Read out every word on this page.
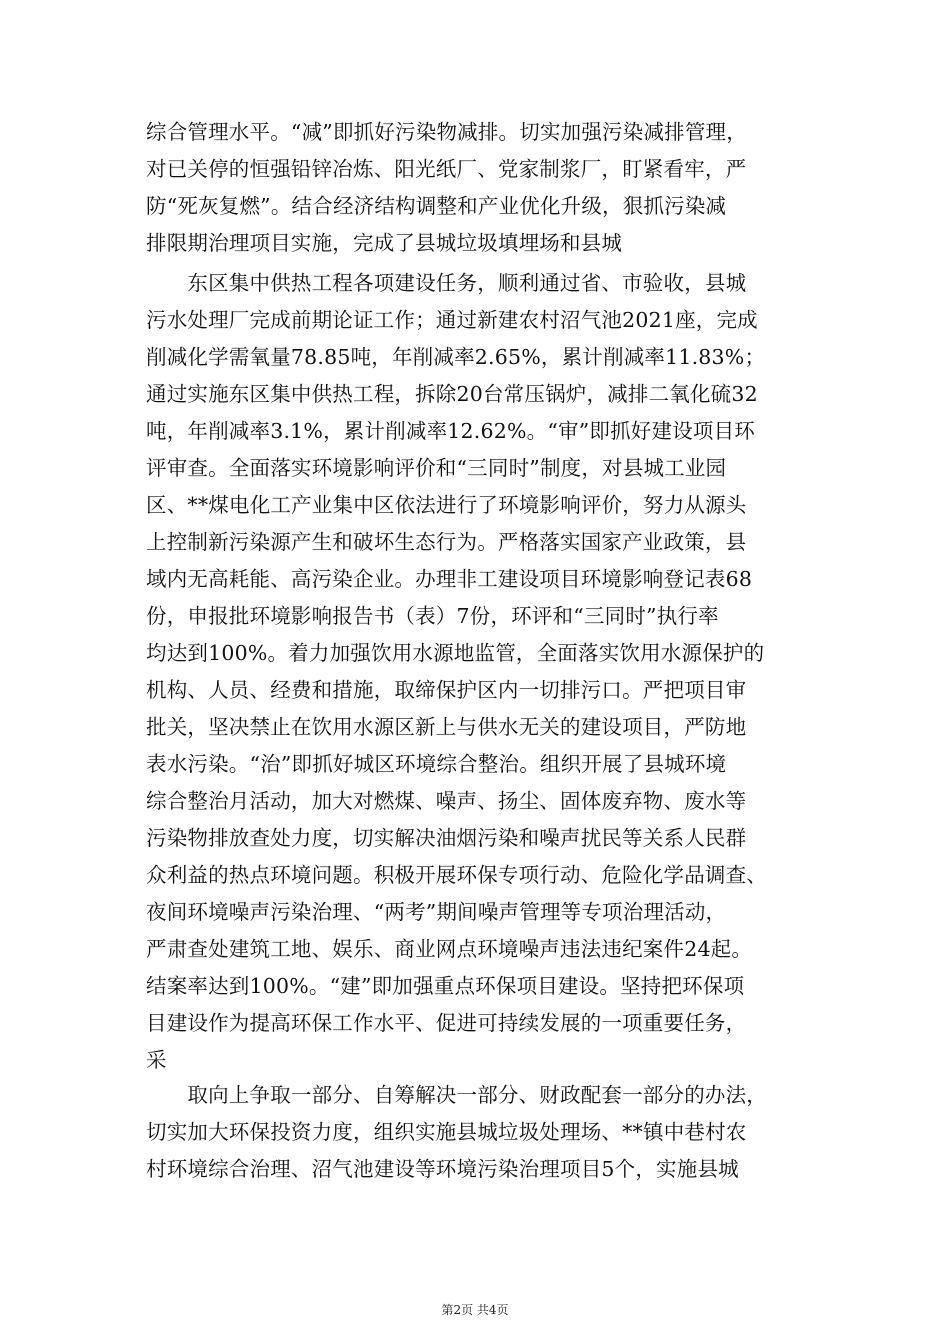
综合管理水平。“减”即抓好污染物减排。切实加强污染减排管理，
对已关停的恒强铅锌冶炼、阳光纸厂、党家制浆厂，盯紧看牢，严
防“死灰复燃”。结合经济结构调整和产业优化升级，狠抓污染减
排限期治理项目实施，完成了县城垃圾填埋场和县城
　　东区集中供热工程各项建设任务，顺利通过省、市验收，县城
污水处理厂完成前期论证工作；通过新建农村沼气池2021座，完成
削减化学需氧量78.85吨，年削减率2.65%，累计削减率11.83%；
通过实施东区集中供热工程，拆除20台常压锅炉，减排二氧化硫32
吨，年削减率3.1%，累计削减率12.62%。“审”即抓好建设项目环
评审查。全面落实环境影响评价和“三同时”制度，对县城工业园
区、**煤电化工产业集中区依法进行了环境影响评价，努力从源头
上控制新污染源产生和破坏生态行为。严格落实国家产业政策，县
域内无高耗能、高污染企业。办理非工建设项目环境影响登记表68
份，申报批环境影响报告书（表）7份，环评和“三同时”执行率
均达到100%。着力加强饮用水源地监管，全面落实饮用水源保护的
机构、人员、经费和措施，取缔保护区内一切排污口。严把项目审
批关，坚决禁止在饮用水源区新上与供水无关的建设项目，严防地
表水污染。“治”即抓好城区环境综合整治。组织开展了县城环境
综合整治月活动，加大对燃煤、噪声、扬尘、固体废弃物、废水等
污染物排放查处力度，切实解决油烟污染和噪声扰民等关系人民群
众利益的热点环境问题。积极开展环保专项行动、危险化学品调查、
夜间环境噪声污染治理、“两考”期间噪声管理等专项治理活动，
严肃查处建筑工地、娱乐、商业网点环境噪声违法违纪案件24起。
结案率达到100%。“建”即加强重点环保项目建设。坚持把环保项
目建设作为提高环保工作水平、促进可持续发展的一项重要任务，
采
　　取向上争取一部分、自筹解决一部分、财政配套一部分的办法，
切实加大环保投资力度，组织实施县城垃圾处理场、**镇中巷村农
村环境综合治理、沼气池建设等环境污染治理项目5个，实施县城
第2页 共4页
